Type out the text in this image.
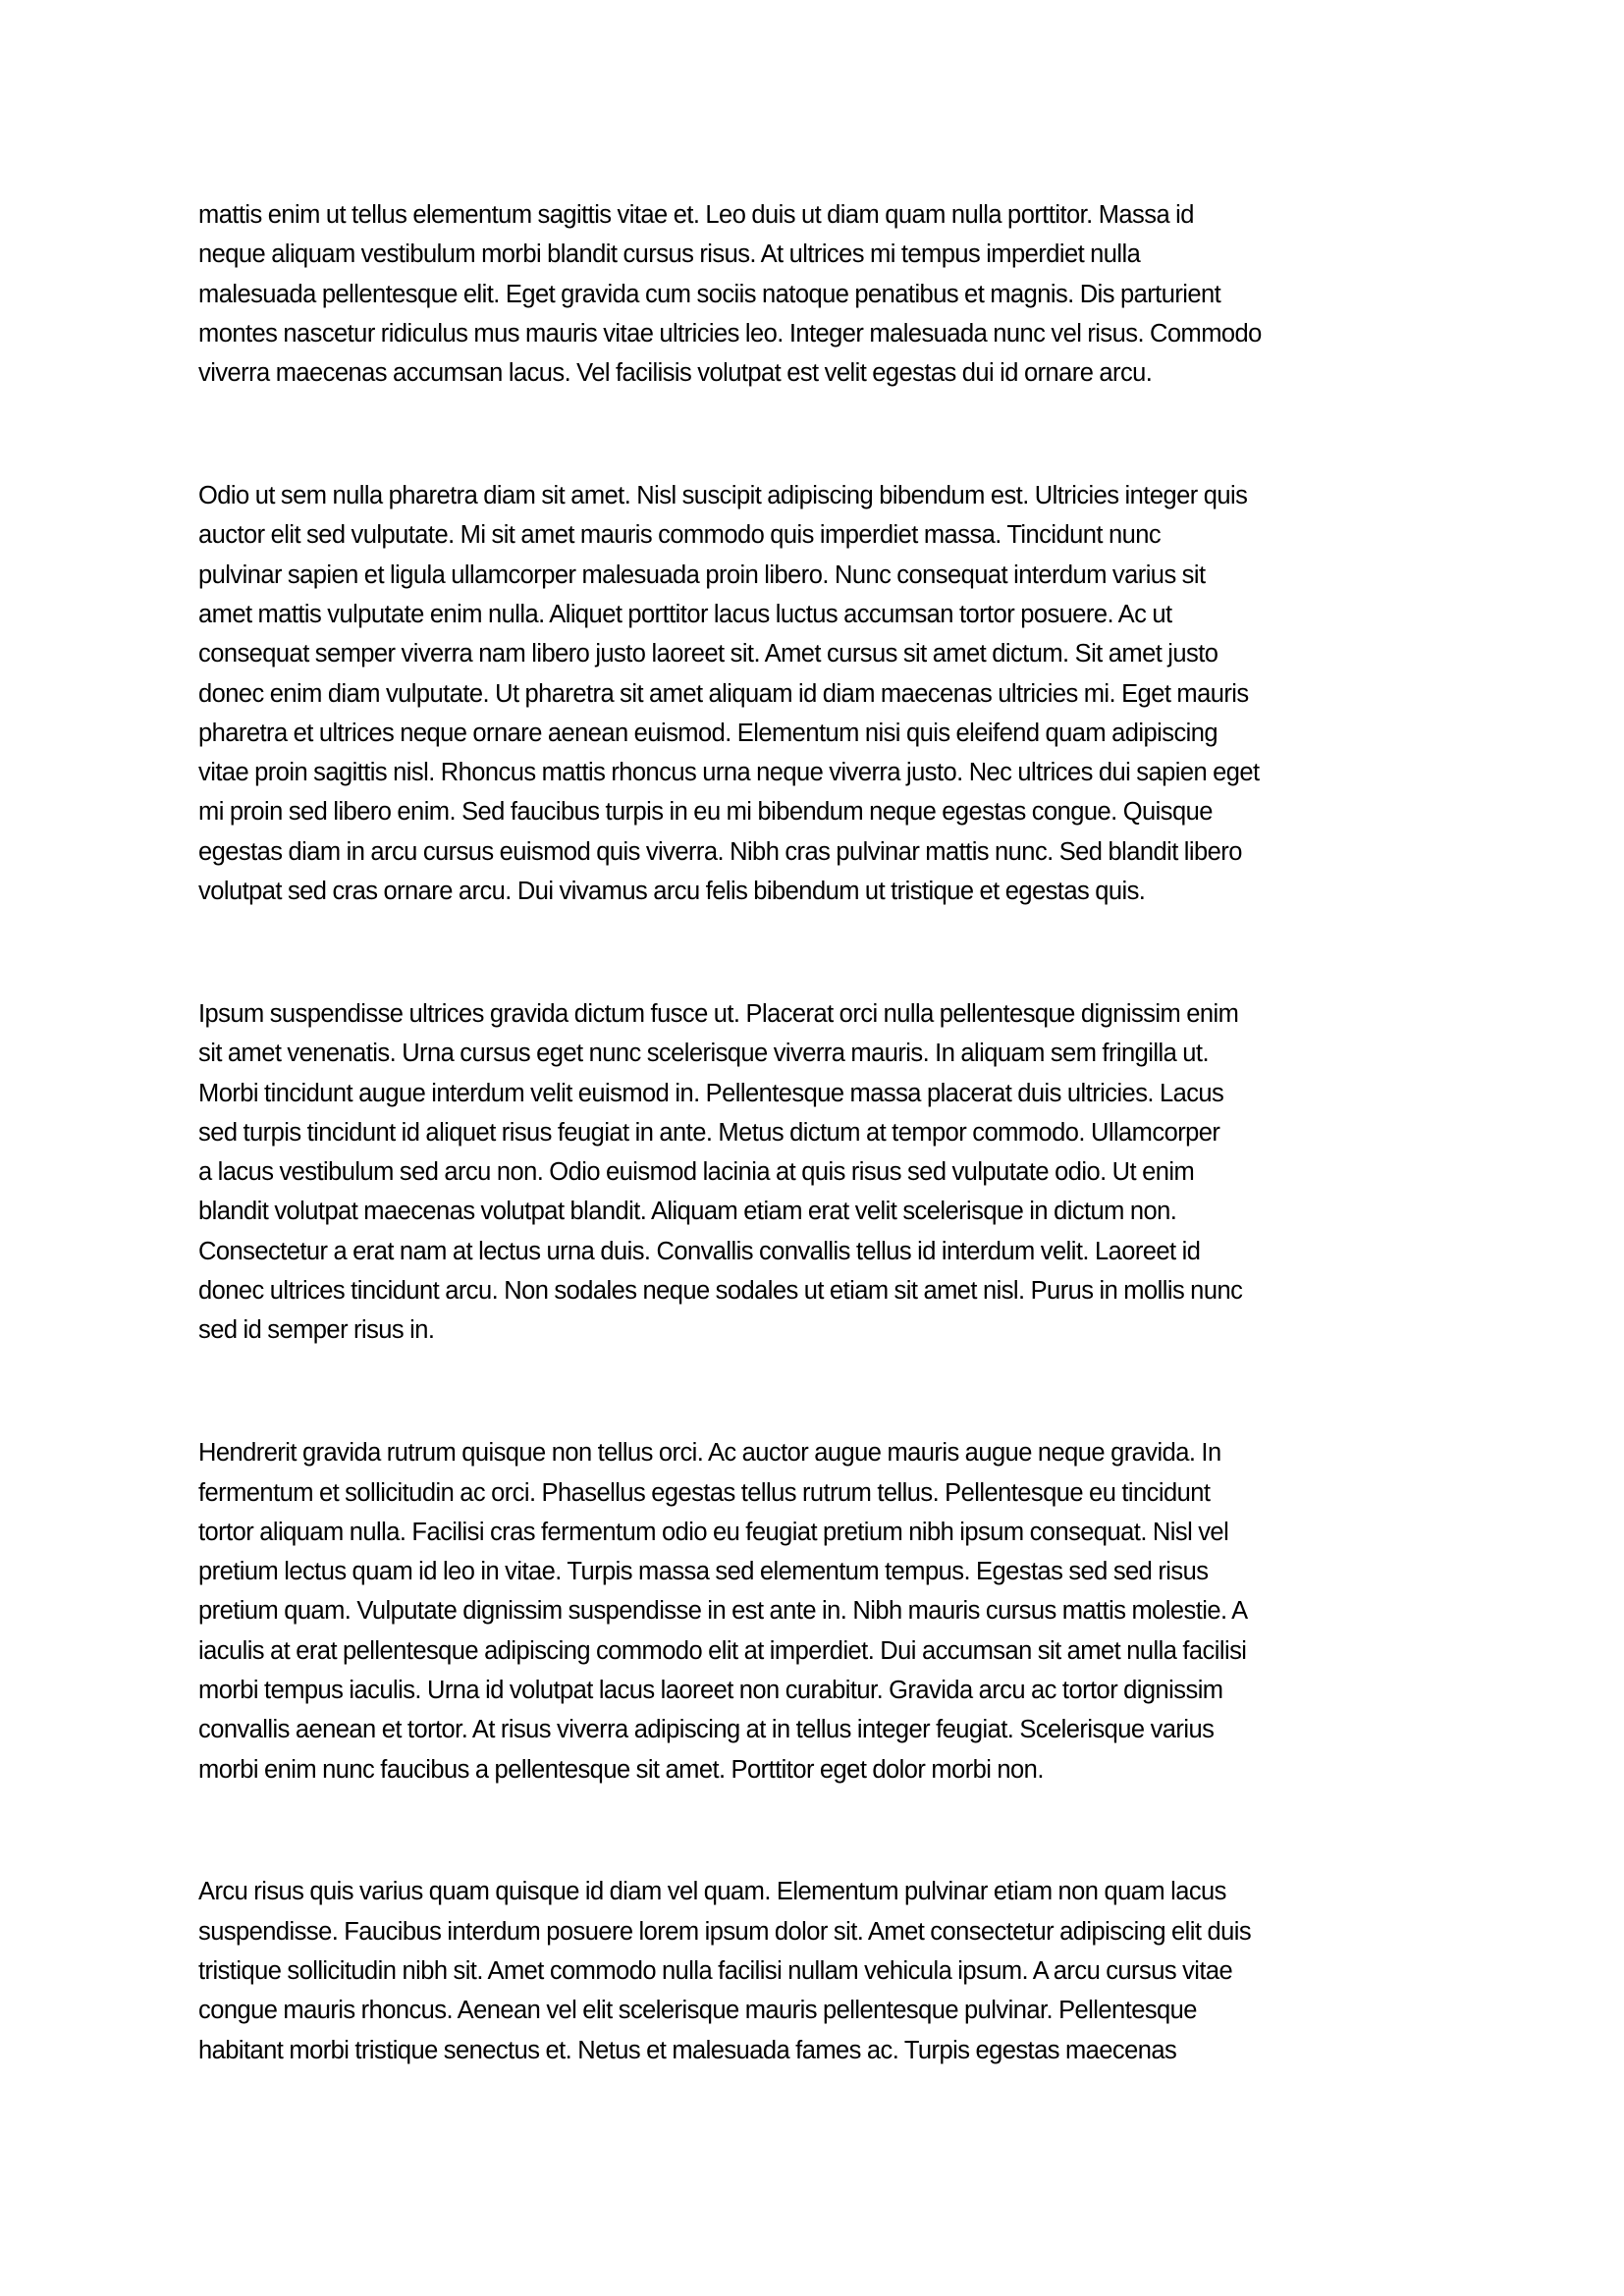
mattis enim ut tellus elementum sagittis vitae et. Leo duis ut diam quam nulla porttitor. Massa id
neque aliquam vestibulum morbi blandit cursus risus. At ultrices mi tempus imperdiet nulla
malesuada pellentesque elit. Eget gravida cum sociis natoque penatibus et magnis. Dis parturient
montes nascetur ridiculus mus mauris vitae ultricies leo. Integer malesuada nunc vel risus. Commodo
viverra maecenas accumsan lacus. Vel facilisis volutpat est velit egestas dui id ornare arcu.

Odio ut sem nulla pharetra diam sit amet. Nisl suscipit adipiscing bibendum est. Ultricies integer quis
auctor elit sed vulputate. Mi sit amet mauris commodo quis imperdiet massa. Tincidunt nunc
pulvinar sapien et ligula ullamcorper malesuada proin libero. Nunc consequat interdum varius sit
amet mattis vulputate enim nulla. Aliquet porttitor lacus luctus accumsan tortor posuere. Ac ut
consequat semper viverra nam libero justo laoreet sit. Amet cursus sit amet dictum. Sit amet justo
donec enim diam vulputate. Ut pharetra sit amet aliquam id diam maecenas ultricies mi. Eget mauris
pharetra et ultrices neque ornare aenean euismod. Elementum nisi quis eleifend quam adipiscing
vitae proin sagittis nisl. Rhoncus mattis rhoncus urna neque viverra justo. Nec ultrices dui sapien eget
mi proin sed libero enim. Sed faucibus turpis in eu mi bibendum neque egestas congue. Quisque
egestas diam in arcu cursus euismod quis viverra. Nibh cras pulvinar mattis nunc. Sed blandit libero
volutpat sed cras ornare arcu. Dui vivamus arcu felis bibendum ut tristique et egestas quis.

Ipsum suspendisse ultrices gravida dictum fusce ut. Placerat orci nulla pellentesque dignissim enim
sit amet venenatis. Urna cursus eget nunc scelerisque viverra mauris. In aliquam sem fringilla ut.
Morbi tincidunt augue interdum velit euismod in. Pellentesque massa placerat duis ultricies. Lacus
sed turpis tincidunt id aliquet risus feugiat in ante. Metus dictum at tempor commodo. Ullamcorper
a lacus vestibulum sed arcu non. Odio euismod lacinia at quis risus sed vulputate odio. Ut enim
blandit volutpat maecenas volutpat blandit. Aliquam etiam erat velit scelerisque in dictum non.
Consectetur a erat nam at lectus urna duis. Convallis convallis tellus id interdum velit. Laoreet id
donec ultrices tincidunt arcu. Non sodales neque sodales ut etiam sit amet nisl. Purus in mollis nunc
sed id semper risus in.

Hendrerit gravida rutrum quisque non tellus orci. Ac auctor augue mauris augue neque gravida. In
fermentum et sollicitudin ac orci. Phasellus egestas tellus rutrum tellus. Pellentesque eu tincidunt
tortor aliquam nulla. Facilisi cras fermentum odio eu feugiat pretium nibh ipsum consequat. Nisl vel
pretium lectus quam id leo in vitae. Turpis massa sed elementum tempus. Egestas sed sed risus
pretium quam. Vulputate dignissim suspendisse in est ante in. Nibh mauris cursus mattis molestie. A
iaculis at erat pellentesque adipiscing commodo elit at imperdiet. Dui accumsan sit amet nulla facilisi
morbi tempus iaculis. Urna id volutpat lacus laoreet non curabitur. Gravida arcu ac tortor dignissim
convallis aenean et tortor. At risus viverra adipiscing at in tellus integer feugiat. Scelerisque varius
morbi enim nunc faucibus a pellentesque sit amet. Porttitor eget dolor morbi non.

Arcu risus quis varius quam quisque id diam vel quam. Elementum pulvinar etiam non quam lacus
suspendisse. Faucibus interdum posuere lorem ipsum dolor sit. Amet consectetur adipiscing elit duis
tristique sollicitudin nibh sit. Amet commodo nulla facilisi nullam vehicula ipsum. A arcu cursus vitae
congue mauris rhoncus. Aenean vel elit scelerisque mauris pellentesque pulvinar. Pellentesque
habitant morbi tristique senectus et. Netus et malesuada fames ac. Turpis egestas maecenas
